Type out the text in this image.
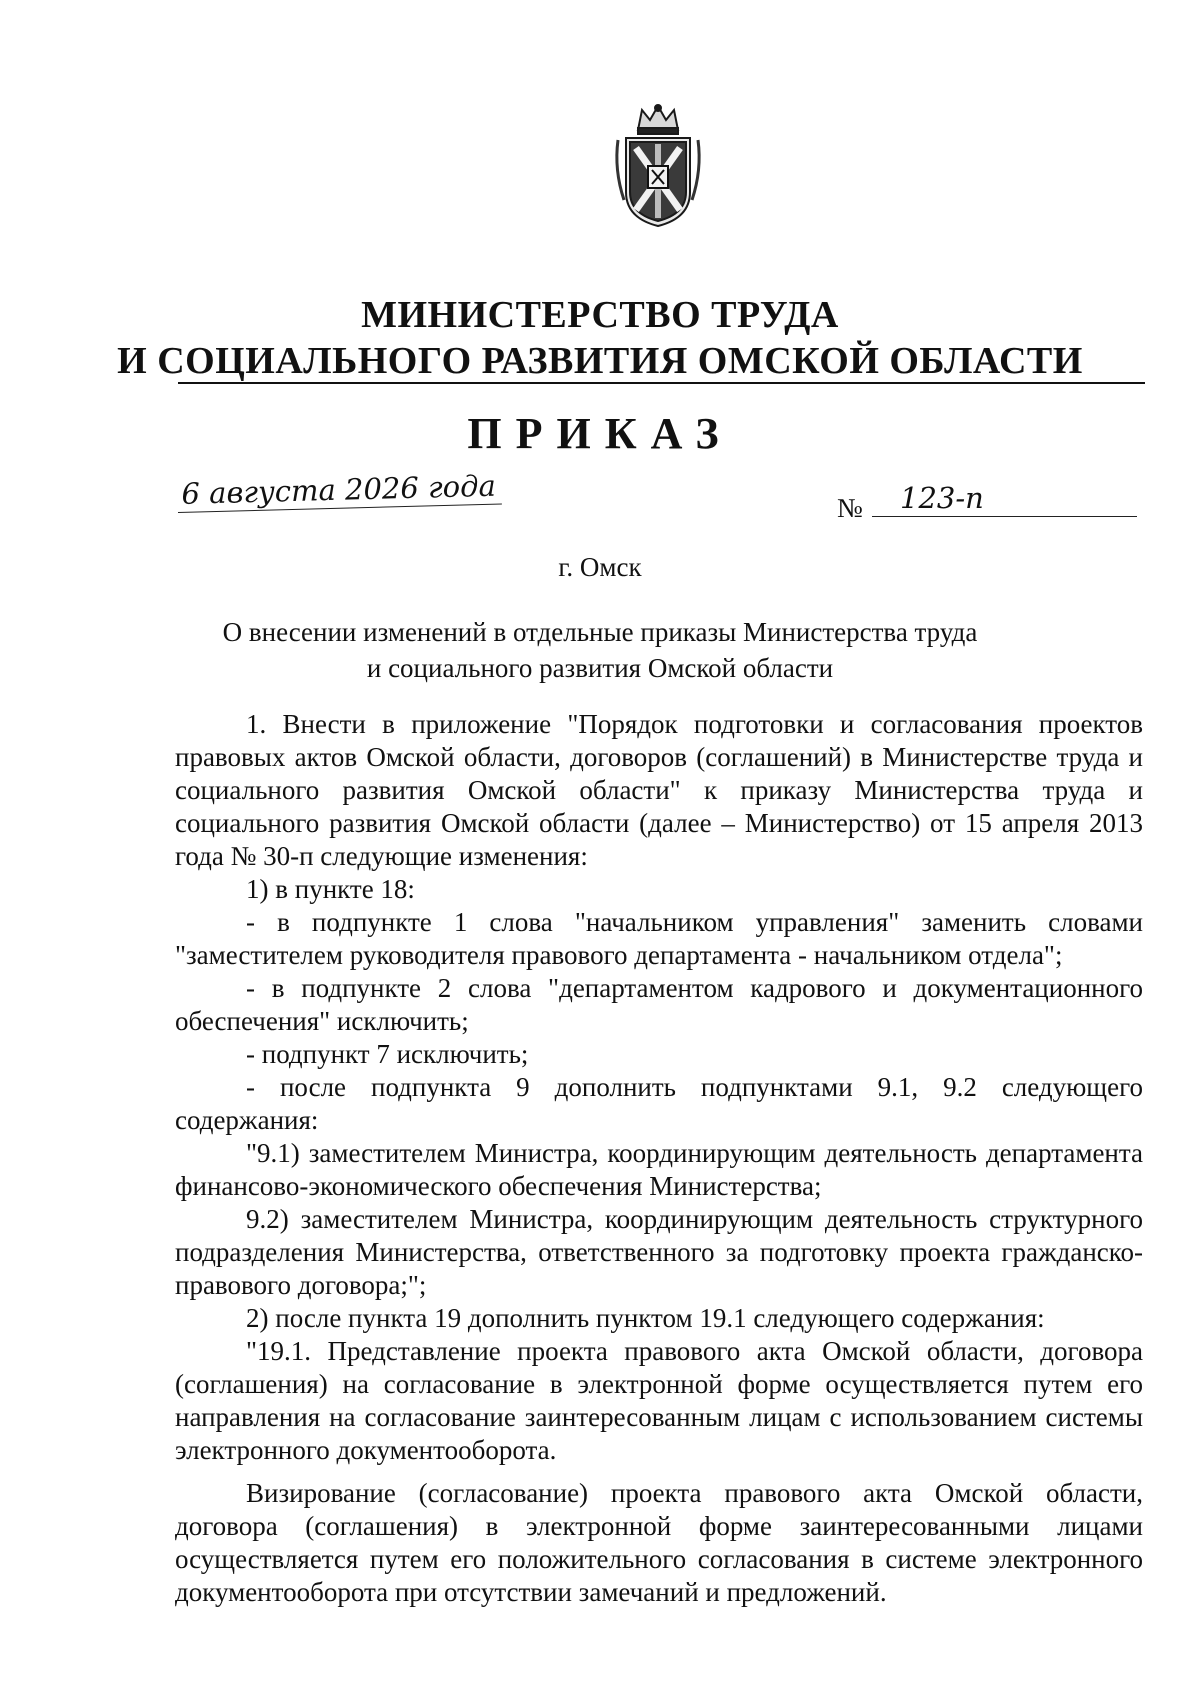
МИНИСТЕРСТВО ТРУДА
И СОЦИАЛЬНОГО РАЗВИТИЯ ОМСКОЙ ОБЛАСТИ
ПРИКАЗ
6 августа 2026 года	№	123-п
г. Омск
О внесении изменений в отдельные приказы Министерства труда
и социального развития Омской области

1. Внести в приложение "Порядок подготовки и согласования проектов правовых актов Омской области, договоров (соглашений) в Министерстве труда и социального развития Омской области" к приказу Министерства труда и социального развития Омской области (далее – Министерство) от 15 апреля 2013 года № 30-п следующие изменения:

1) в пункте 18:

- в подпункте 1 слова "начальником управления" заменить словами "заместителем руководителя правового департамента - начальником отдела";

- в подпункте 2 слова "департаментом кадрового и документационного обеспечения" исключить;

- подпункт 7 исключить;

- после подпункта 9 дополнить подпунктами 9.1, 9.2 следующего содержания:

"9.1) заместителем Министра, координирующим деятельность департамента финансово-экономического обеспечения Министерства;

9.2) заместителем Министра, координирующим деятельность структурного подразделения Министерства, ответственного за подготовку проекта гражданско-правового договора;";

2) после пункта 19 дополнить пунктом 19.1 следующего содержания:

"19.1. Представление проекта правового акта Омской области, договора (соглашения) на согласование в электронной форме осуществляется путем его направления на согласование заинтересованным лицам с использованием системы электронного документооборота.

Визирование (согласование) проекта правового акта Омской области, договора (соглашения) в электронной форме заинтересованными лицами осуществляется путем его положительного согласования в системе электронного документооборота при отсутствии замечаний и предложений.
